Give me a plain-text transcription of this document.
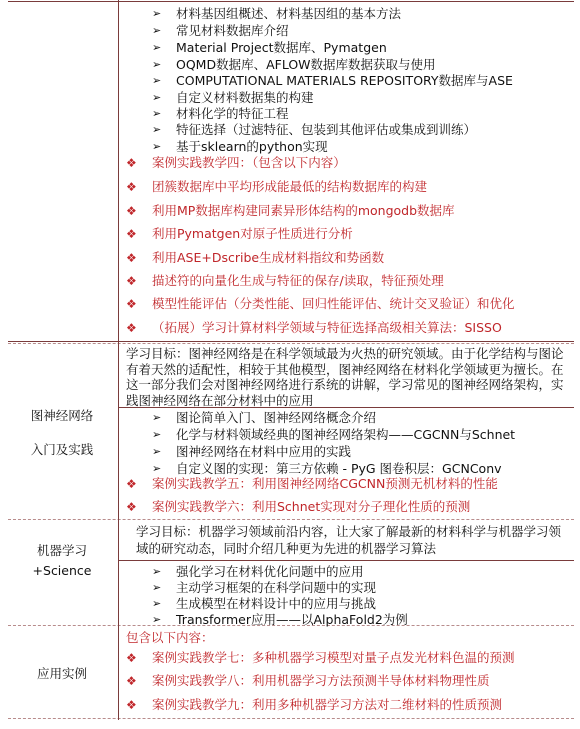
➢ 材料基因组概述、材料基因组的基本方法
➢ 常见材料数据库介绍
➢ Material Project数据库、Pymatgen
➢ OQMD数据库、AFLOW数据库数据获取与使用
➢ COMPUTATIONAL MATERIALS REPOSITORY数据库与ASE
➢ 自定义材料数据集的构建
➢ 材料化学的特征工程
➢ 特征选择（过滤特征、包装到其他评估或集成到训练）
➢ 基于sklearn的python实现
❖ 案例实践教学四：（包含以下内容）
❖ 团簇数据库中平均形成能最低的结构数据库的构建
❖ 利用MP数据库构建同素异形体结构的mongodb数据库
❖ 利用Pymatgen对原子性质进行分析
❖ 利用ASE+Dscribe生成材料指纹和势函数
❖ 描述符的向量化生成与特征的保存/读取，特征预处理
❖ 模型性能评估（分类性能、回归性能评估、统计交叉验证）和优化
❖ （拓展）学习计算材料学领域与特征选择高级相关算法：SISSO
图神经网络
入门及实践
学习目标：图神经网络是在科学领域最为火热的研究领域。由于化学结构与图论有着天然的适配性，相较于其他模型，图神经网络在材料化学领域更为擅长。在这一部分我们会对图神经网络进行系统的讲解，学习常见的图神经网络架构，实践图神经网络在部分材料中的应用
➢ 图论简单入门、图神经网络概念介绍
➢ 化学与材料领域经典的图神经网络架构——CGCNN与Schnet
➢ 图神经网络在材料中应用的实践
➢ 自定义图的实现：第三方依赖 - PyG 图卷积层：GCNConv
❖ 案例实践教学五：利用图神经网络CGCNN预测无机材料的性能
❖ 案例实践教学六：利用Schnet实现对分子理化性质的预测
机器学习
+Science
学习目标：机器学习领域前沿内容，让大家了解最新的材料科学与机器学习领域的研究动态，同时介绍几种更为先进的机器学习算法
➢ 强化学习在材料优化问题中的应用
➢ 主动学习框架的在科学问题中的实现
➢ 生成模型在材料设计中的应用与挑战
➢ Transformer应用——以AlphaFold2为例
应用实例
包含以下内容：
❖ 案例实践教学七：多种机器学习模型对量子点发光材料色温的预测
❖ 案例实践教学八：利用机器学习方法预测半导体材料物理性质
❖ 案例实践教学九：利用多种机器学习方法对二维材料的性质预测
